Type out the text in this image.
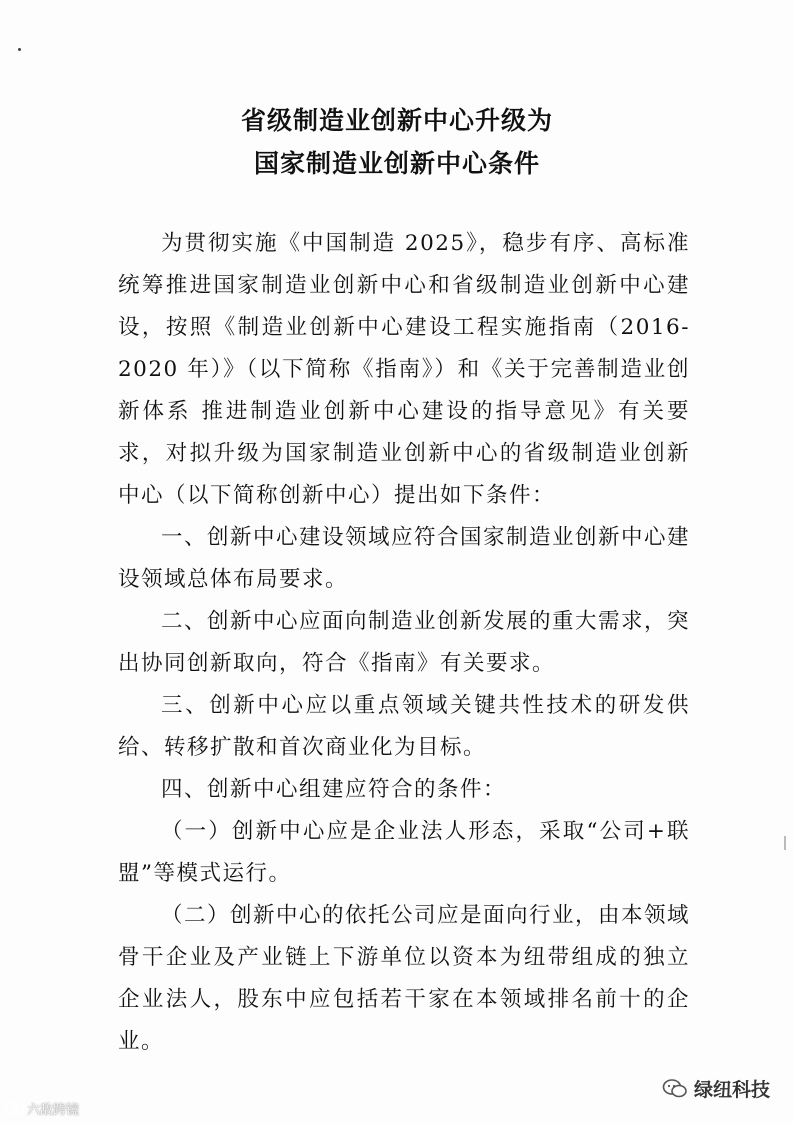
省级制造业创新中心升级为
国家制造业创新中心条件

为贯彻实施《中国制造 2025》，稳步有序、高标准统筹推进国家制造业创新中心和省级制造业创新中心建设，按照《制造业创新中心建设工程实施指南（2016-2020 年）》（以下简称《指南》）和《关于完善制造业创新体系 推进制造业创新中心建设的指导意见》有关要求，对拟升级为国家制造业创新中心的省级制造业创新中心（以下简称创新中心）提出如下条件：

一、创新中心建设领域应符合国家制造业创新中心建设领域总体布局要求。

二、创新中心应面向制造业创新发展的重大需求，突出协同创新取向，符合《指南》有关要求。

三、创新中心应以重点领域关键共性技术的研发供给、转移扩散和首次商业化为目标。

四、创新中心组建应符合的条件：

（一）创新中心应是企业法人形态，采取“公司+联盟”等模式运行。

（二）创新中心的依托公司应是面向行业，由本领域骨干企业及产业链上下游单位以资本为纽带组成的独立企业法人，股东中应包括若干家在本领域排名前十的企业。

六敌跨镜
绿纽科技
